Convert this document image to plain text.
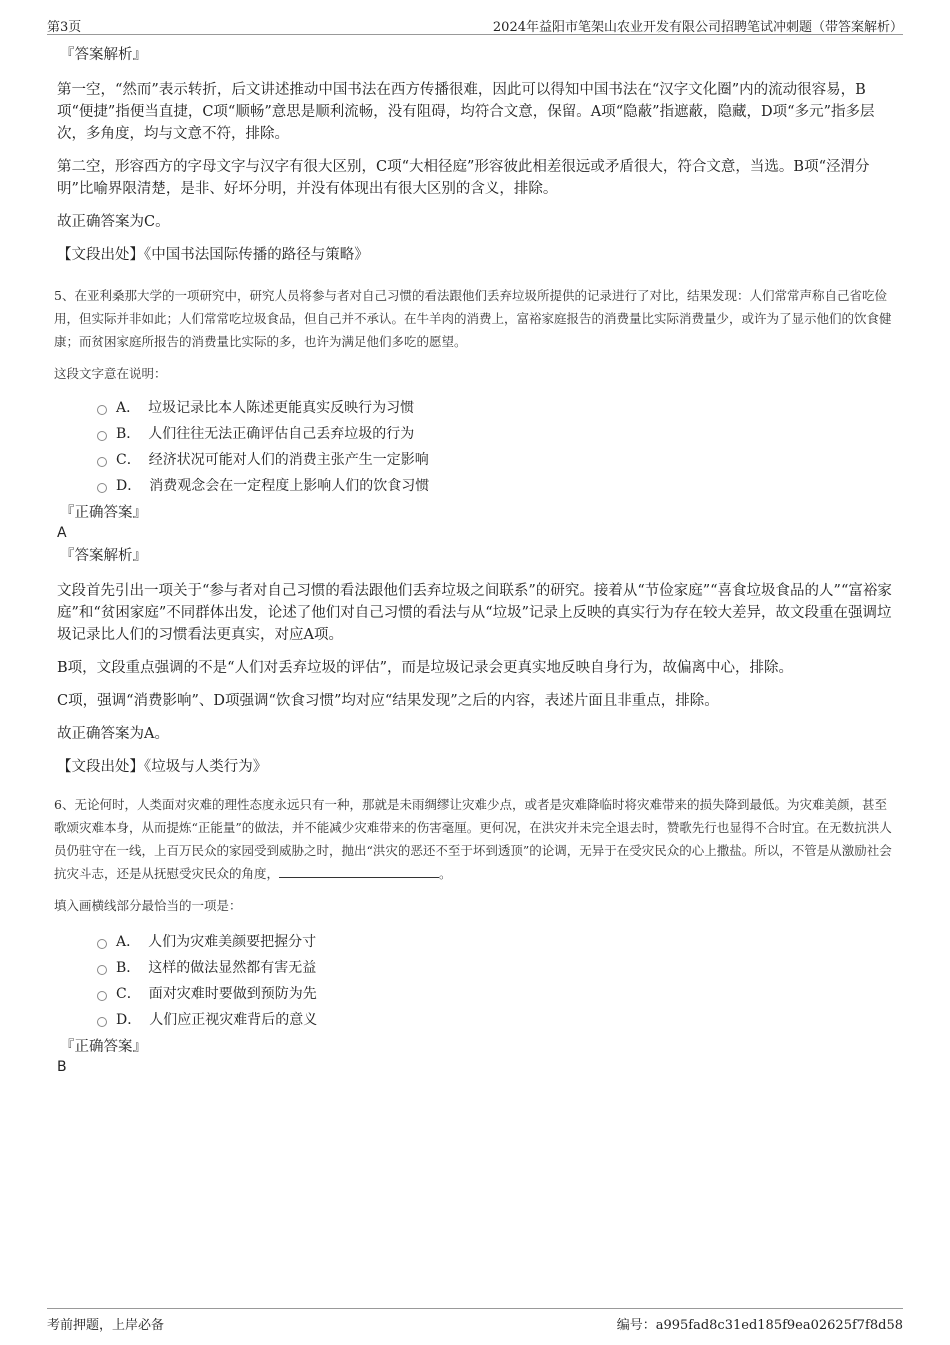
第3页	2024年益阳市笔架山农业开发有限公司招聘笔试冲刺题（带答案解析）
『答案解析』

第一空，“然而”表示转折，后文讲述推动中国书法在西方传播很难，因此可以得知中国书法在“汉字文化圈”内的流动很容易，B项“便捷”指便当直捷，C项“顺畅”意思是顺利流畅，没有阻碍，均符合文意，保留。A项“隐蔽”指遮蔽，隐藏，D项“多元”指多层次，多角度，均与文意不符，排除。

第二空，形容西方的字母文字与汉字有很大区别，C项“大相径庭”形容彼此相差很远或矛盾很大，符合文意，当选。B项“泾渭分明”比喻界限清楚，是非、好坏分明，并没有体现出有很大区别的含义，排除。

故正确答案为C。

【文段出处】《中国书法国际传播的路径与策略》

5、在亚利桑那大学的一项研究中，研究人员将参与者对自己习惯的看法跟他们丢弃垃圾所提供的记录进行了对比，结果发现：人们常常声称自己省吃俭用，但实际并非如此；人们常常吃垃圾食品，但自己并不承认。在牛羊肉的消费上，富裕家庭报告的消费量比实际消费量少，或许为了显示他们的饮食健康；而贫困家庭所报告的消费量比实际的多，也许为满足他们多吃的愿望。

这段文字意在说明：

A． 垃圾记录比本人陈述更能真实反映行为习惯
B． 人们往往无法正确评估自己丢弃垃圾的行为
C． 经济状况可能对人们的消费主张产生一定影响
D． 消费观念会在一定程度上影响人们的饮食习惯
『正确答案』

A

『答案解析』

文段首先引出一项关于“参与者对自己习惯的看法跟他们丢弃垃圾之间联系”的研究。接着从“节俭家庭”“喜食垃圾食品的人”“富裕家庭”和“贫困家庭”不同群体出发，论述了他们对自己习惯的看法与从“垃圾”记录上反映的真实行为存在较大差异，故文段重在强调垃圾记录比人们的习惯看法更真实，对应A项。

B项，文段重点强调的不是“人们对丢弃垃圾的评估”，而是垃圾记录会更真实地反映自身行为，故偏离中心，排除。

C项，强调“消费影响”、D项强调“饮食习惯”均对应“结果发现”之后的内容，表述片面且非重点，排除。

故正确答案为A。

【文段出处】《垃圾与人类行为》

6、无论何时，人类面对灾难的理性态度永远只有一种，那就是未雨绸缪让灾难少点，或者是灾难降临时将灾难带来的损失降到最低。为灾难美颜，甚至歌颂灾难本身，从而提炼“正能量”的做法，并不能减少灾难带来的伤害毫厘。更何况，在洪灾并未完全退去时，赞歌先行也显得不合时宜。在无数抗洪人员仍驻守在一线，上百万民众的家园受到威胁之时，抛出“洪灾的恶还不至于坏到透顶”的论调，无异于在受灾民众的心上撒盐。所以，不管是从激励社会抗灾斗志，还是从抚慰受灾民众的角度，	。

填入画横线部分最恰当的一项是：

A． 人们为灾难美颜要把握分寸
B． 这样的做法显然都有害无益
C． 面对灾难时要做到预防为先
D． 人们应正视灾难背后的意义
『正确答案』

B

考前押题，上岸必备	编号：a995fad8c31ed185f9ea02625f7f8d58
